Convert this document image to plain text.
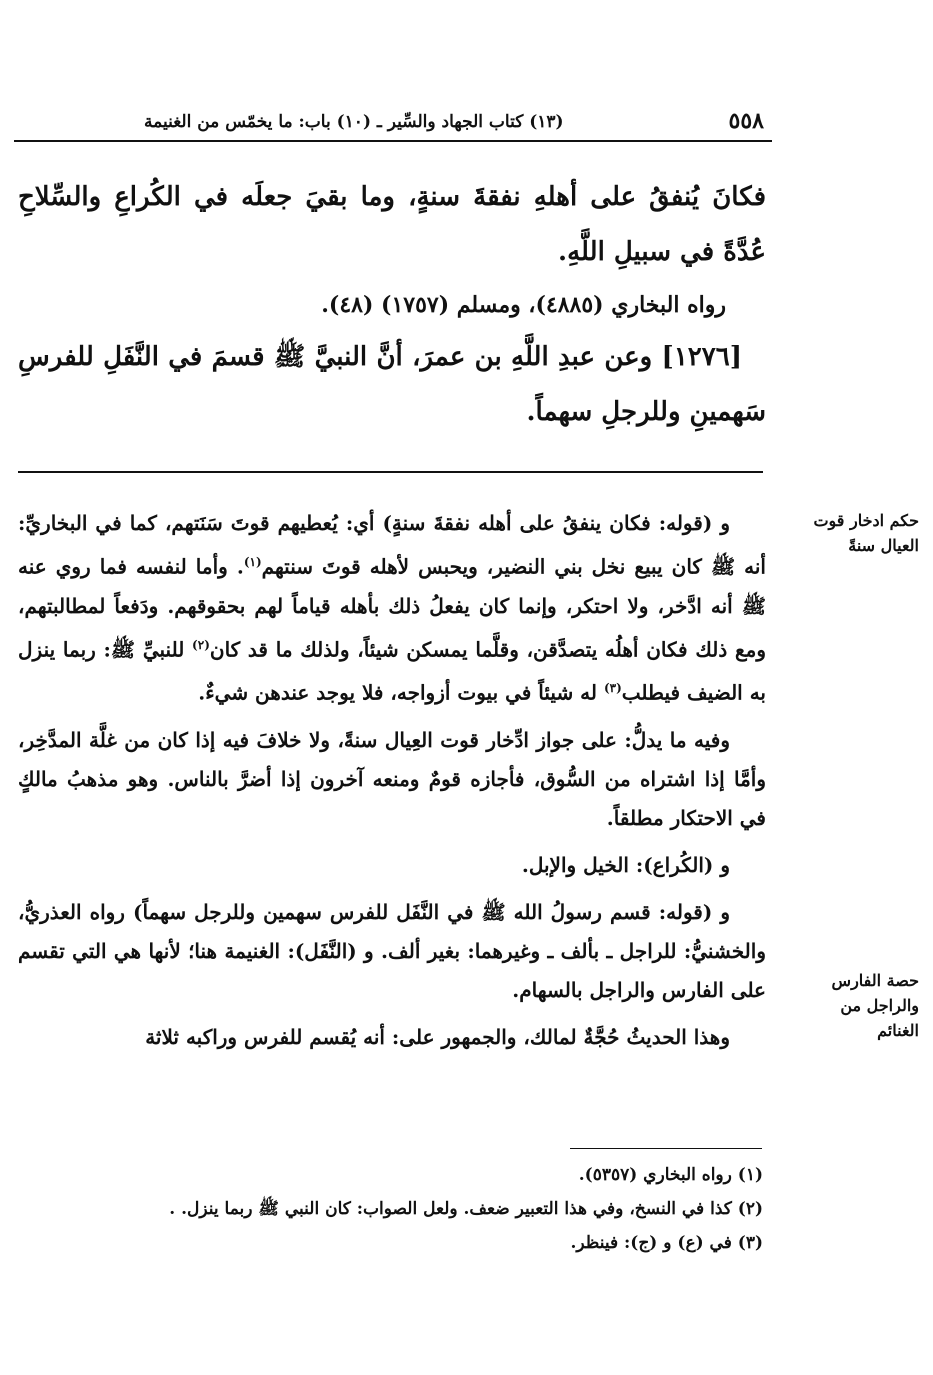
٥٥٨
(١٣) كتاب الجهاد والسِّير ـ (١٠) باب: ما يخمّس من الغنيمة

فكانَ يُنفقُ على أهلهِ نفقةَ سنةٍ، وما بقيَ جعلَه في الكُراعِ والسِّلاحِ عُدَّةً في سبيلِ اللَّهِ.

رواه البخاري (٤٨٨٥)، ومسلم (١٧٥٧) (٤٨).

[١٢٧٦] وعن عبدِ اللَّهِ بن عمرَ، أنَّ النبيَّ ﷺ قسمَ في النَّفَلِ للفرسِ سَهمينِ وللرجلِ سهماً.

حكم ادخار قوت العيال سنةً
حصة الفارس والراجل من الغنائم

و (قوله: فكان ينفقُ على أهله نفقةَ سنةٍ) أي: يُعطيهم قوتَ سَنَتهم، كما في البخاريِّ: أنه ﷺ كان يبيع نخل بني النضير، ويحبس لأهله قوتَ سنتهم$^{(١)}$. وأما لنفسه فما روي عنه ﷺ أنه ادَّخر، ولا احتكر، وإنما كان يفعلُ ذلك بأهله قياماً لهم بحقوقهم. ودَفعاً لمطالبتهم، ومع ذلك فكان أهلُه يتصدَّقن، وقلَّما يمسكن شيئاً، ولذلك ما قد كان$^{(٢)}$ للنبيِّ ﷺ: ربما ينزل به الضيف فيطلب$^{(٣)}$ له شيئاً في بيوت أزواجه، فلا يوجد عندهن شيءٌ.

وفيه ما يدلُّ: على جواز ادِّخار قوت العِيال سنةً، ولا خلافَ فيه إذا كان من غلَّة المدَّخِر، وأمَّا إذا اشتراه من السُّوق، فأجازه قومٌ ومنعه آخرون إذا أضرَّ بالناس. وهو مذهبُ مالكٍ في الاحتكار مطلقاً.

و (الكُراع): الخيل والإبل.

و (قوله: قسم رسولُ الله ﷺ في النَّفَل للفرس سهمين وللرجل سهماً) رواه العذريُّ، والخشنيُّ: للراجل ـ بألف ـ وغيرهما: بغير ألف. و (النَّفَل): الغنيمة هنا؛ لأنها هي التي تقسم على الفارس والراجل بالسهام.

وهذا الحديثُ حُجَّةٌ لمالك، والجمهور على: أنه يُقسم للفرس وراكبه ثلاثة

(١) رواه البخاري (٥٣٥٧).
(٢) كذا في النسخ، وفي هذا التعبير ضعف. ولعل الصواب: كان النبي ﷺ ربما ينزل. .
(٣) في (ع) و (ج): فينظر.
